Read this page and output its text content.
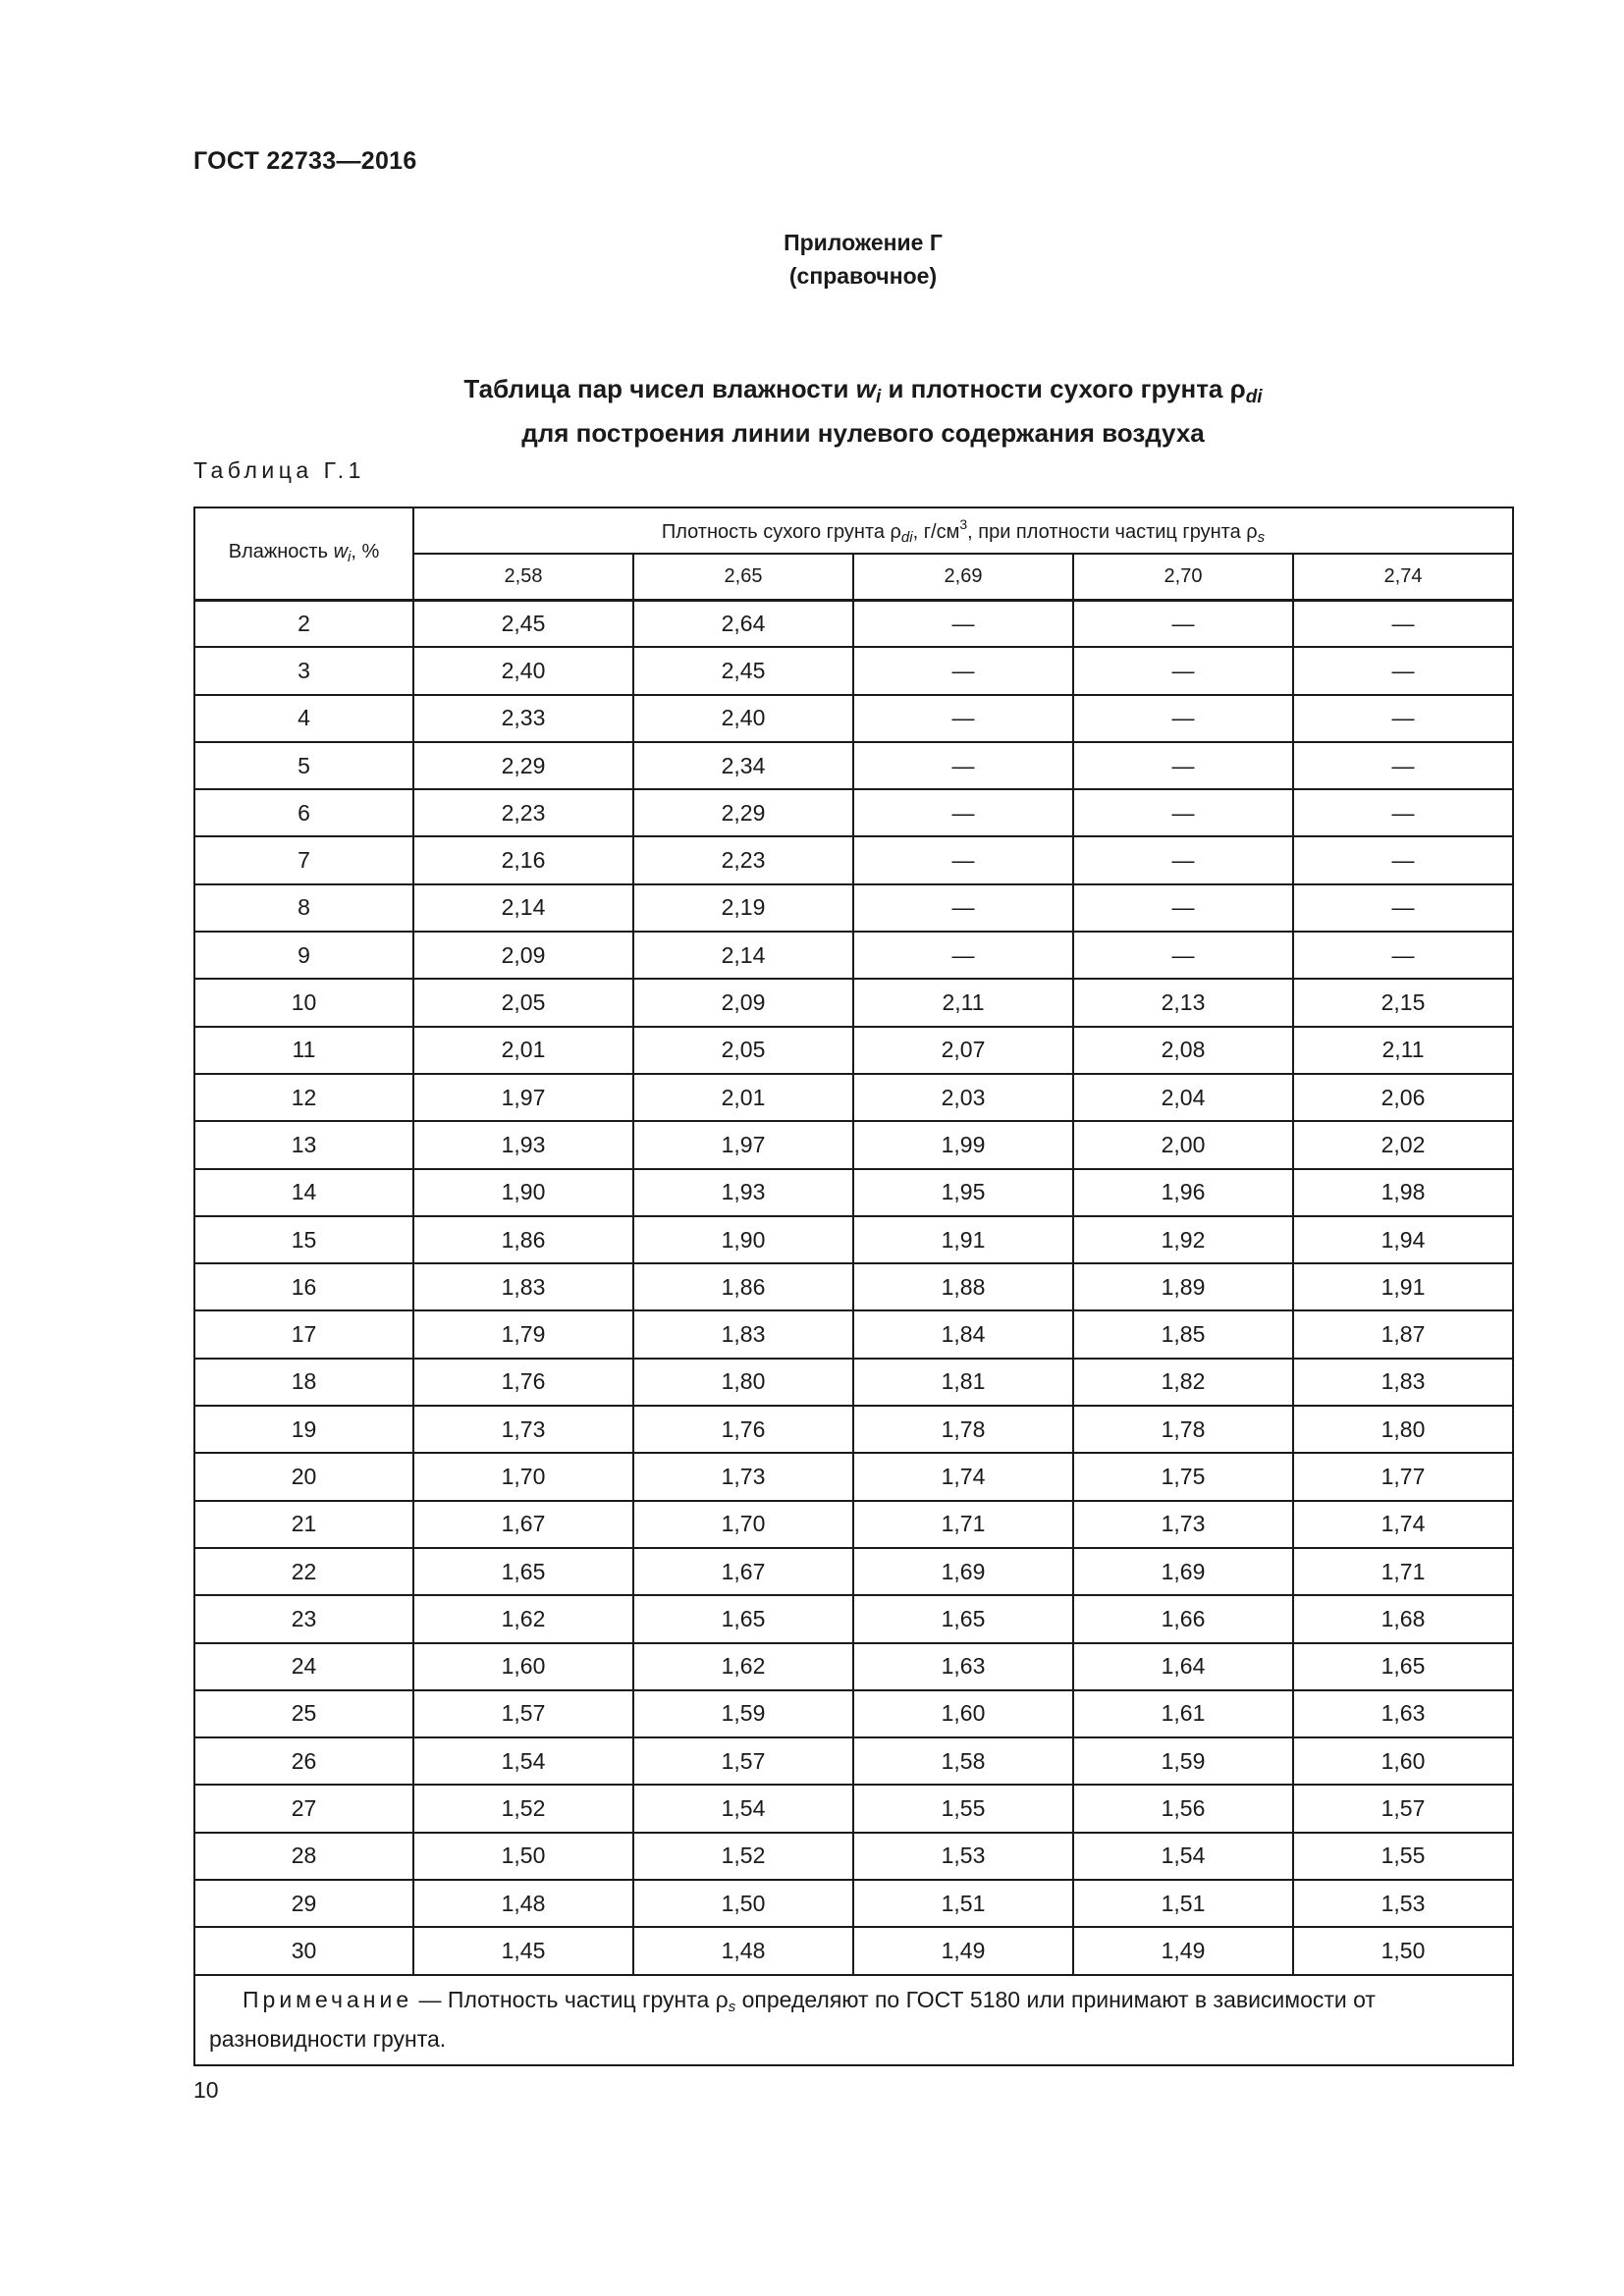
ГОСТ 22733—2016
Приложение Г
(справочное)
Таблица пар чисел влажности $w_i$ и плотности сухого грунта $\rho_{di}$
для построения линии нулевого содержания воздуха
Таблица Г.1
Влажность $w_i$, %	Плотность сухого грунта $\rho_{di}$, $г/см^3$, при плотности частиц грунта $\rho_s$
	2,58	2,65	2,69	2,70	2,74
2	2,45	2,64	—	—	—
3	2,40	2,45	—	—	—
4	2,33	2,40	—	—	—
5	2,29	2,34	—	—	—
6	2,23	2,29	—	—	—
7	2,16	2,23	—	—	—
8	2,14	2,19	—	—	—
9	2,09	2,14	—	—	—
10	2,05	2,09	2,11	2,13	2,15
11	2,01	2,05	2,07	2,08	2,11
12	1,97	2,01	2,03	2,04	2,06
13	1,93	1,97	1,99	2,00	2,02
14	1,90	1,93	1,95	1,96	1,98
15	1,86	1,90	1,91	1,92	1,94
16	1,83	1,86	1,88	1,89	1,91
17	1,79	1,83	1,84	1,85	1,87
18	1,76	1,80	1,81	1,82	1,83
19	1,73	1,76	1,78	1,78	1,80
20	1,70	1,73	1,74	1,75	1,77
21	1,67	1,70	1,71	1,73	1,74
22	1,65	1,67	1,69	1,69	1,71
23	1,62	1,65	1,65	1,66	1,68
24	1,60	1,62	1,63	1,64	1,65
25	1,57	1,59	1,60	1,61	1,63
26	1,54	1,57	1,58	1,59	1,60
27	1,52	1,54	1,55	1,56	1,57
28	1,50	1,52	1,53	1,54	1,55
29	1,48	1,50	1,51	1,51	1,53
30	1,45	1,48	1,49	1,49	1,50
Примечание — Плотность частиц грунта ρs определяют по ГОСТ 5180 или принимают в зависимости от разновидности грунта.					
10
